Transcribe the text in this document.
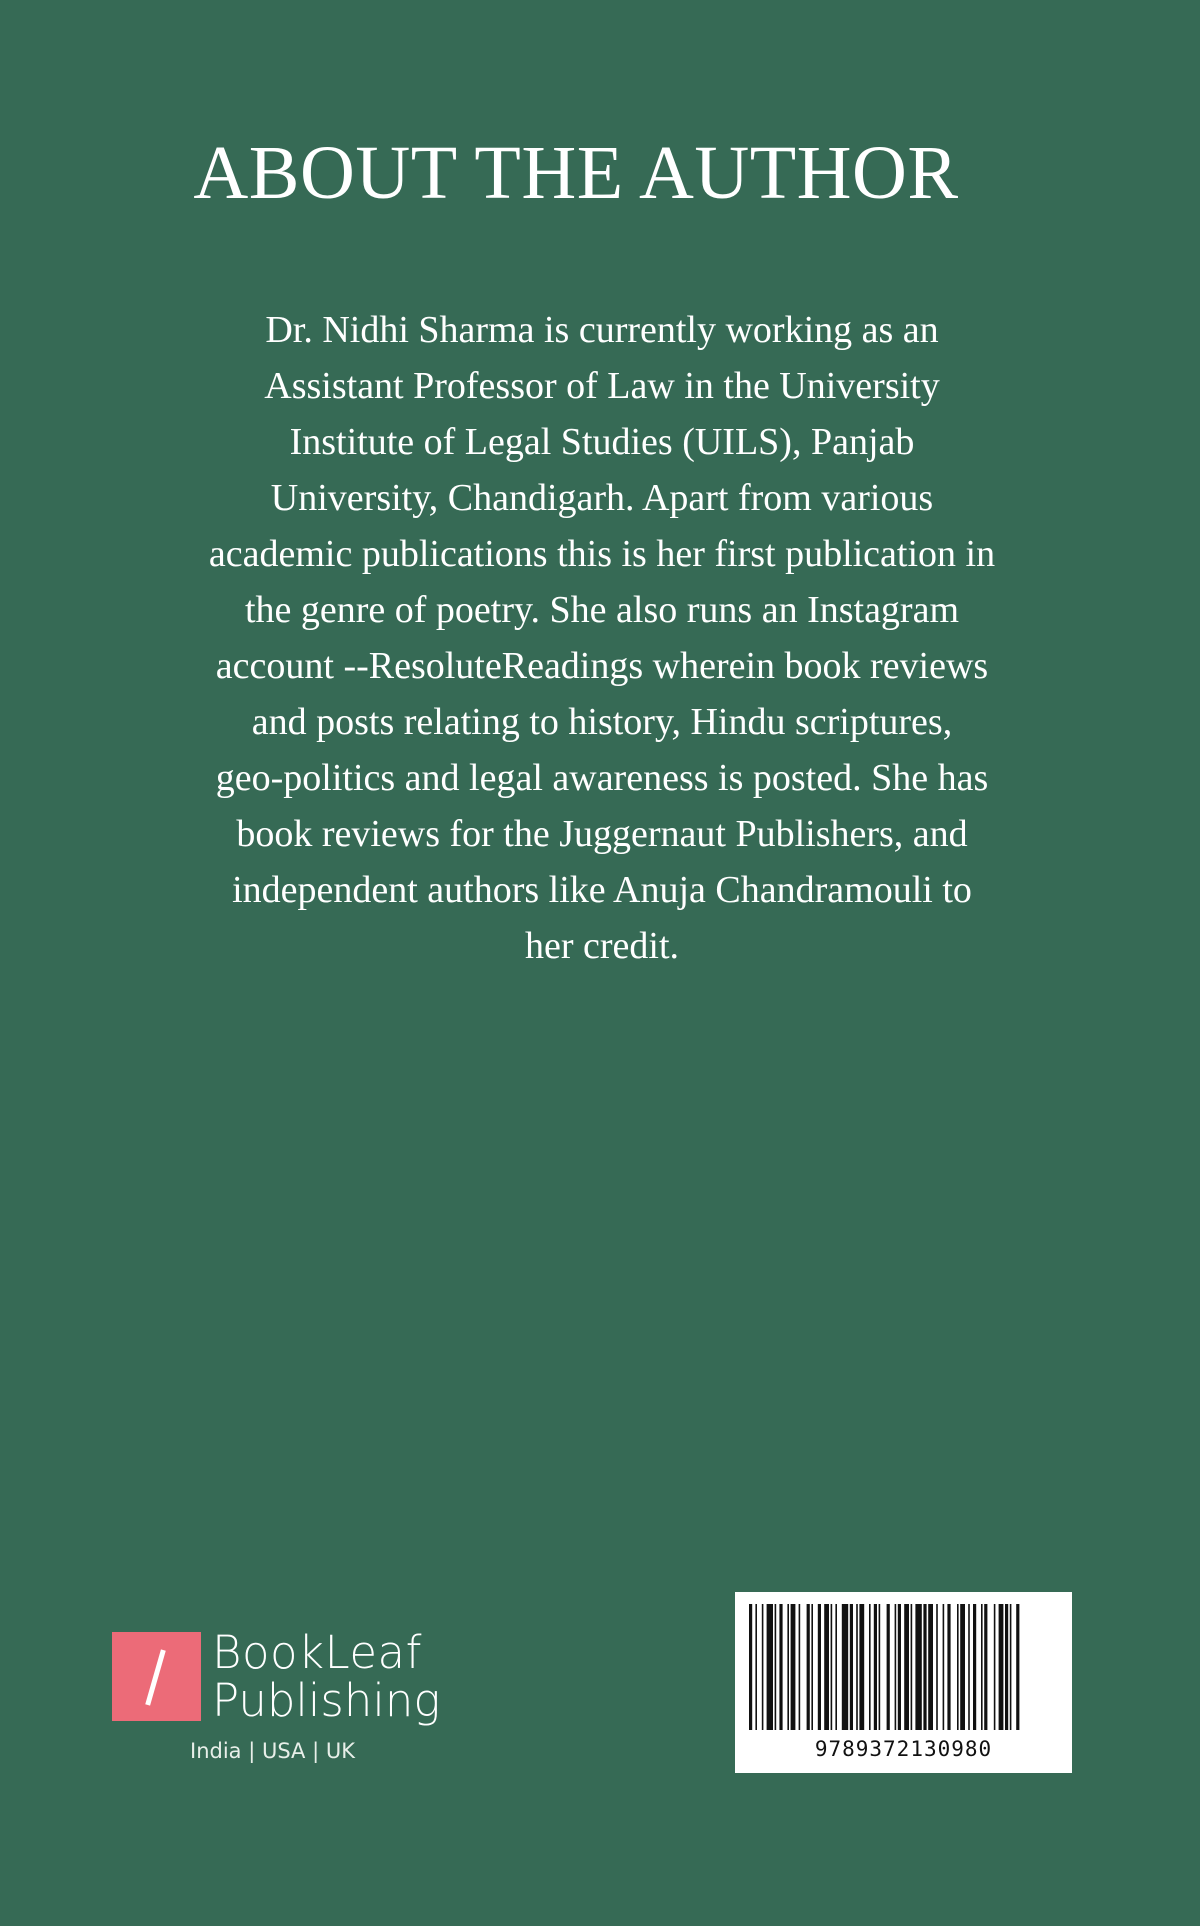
ABOUT THE AUTHOR

Dr. Nidhi Sharma is currently working as an
Assistant Professor of Law in the University
Institute of Legal Studies (UILS), Panjab
University, Chandigarh. Apart from various
academic publications this is her first publication in
the genre of poetry. She also runs an Instagram
account --ResoluteReadings wherein book reviews
and posts relating to history, Hindu scriptures,
geo-politics and legal awareness is posted. She has
book reviews for the Juggernaut Publishers, and
independent authors like Anuja Chandramouli to
her credit.

BookLeaf
Publishing
India | USA | UK	9789372130980
